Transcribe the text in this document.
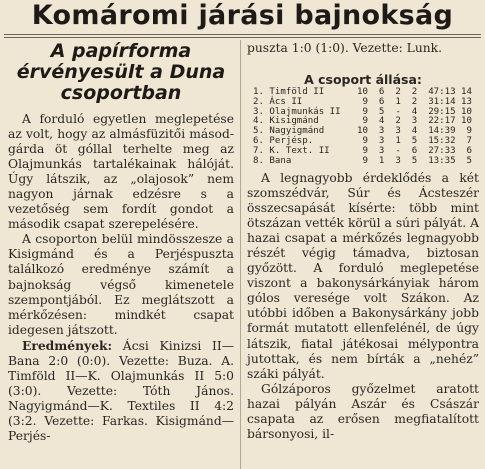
Komáromi járási bajnokság
A papírforma
érvényesült a Duna
csoportban

A forduló egyetlen meglepetése az volt, hogy az almásfüzitői másod-gárda öt góllal terhelte meg az Olajmunkás tartalékainak hálóját. Úgy látszik, az „olajosok” nem nagyon járnak edzésre s a vezetőség sem fordít gondot a második csapat szerepelésére.

A csoporton belül mindösszesze a Kisigmánd és a Perjéspuszta találkozó eredménye számít a bajnokság végső kimenetele szempontjából. Ez meglátszott a mérkőzésen: mindkét csapat idegesen játszott.

Eredmények: Ácsi Kinizsi II—Bana 2:0 (0:0). Vezette: Buza. A. Timföld II—K. Olajmunkás II 5:0 (3:0). Vezette: Tóth János. Nagyigmánd—K. Textiles II 4:2 (3:2. Vezette: Farkas. Kisigmánd—Perjés-

puszta 1:0 (1:0). Vezette: Lunk.
A csoport állása:
1. Timföld II      10  6  2  2  47:13 14
2. Ács II           9  6  1  2  31:14 13
3. Olajmunkás II    9  5  -  4  29:15 10
4. Kisigmánd        9  4  2  3  22:17 10
5. Nagyigmánd      10  3  3  4  14:39  9
6. Perjésp.         9  3  1  5  15:32  7
7. K. Text. II      9  3  -  6  27:33  6
8. Bana             9  1  3  5  13:35  5

A legnagyobb érdeklődés a két szomszédvár, Súr és Ácsteszér összecsapását kísérte: több mint ötszázan vették körül a súri pályát. A hazai csapat a mérkőzés legnagyobb részét végig támadva, biztosan győzött. A forduló meglepetése viszont a bakonysárkányiak három gólos veresége volt Szákon. Az utóbbi időben a Bakonysárkány jobb formát mutatott ellenfelénél, de úgy látszik, fiatal játékosai mélypontra jutottak, és nem bírták a „nehéz” száki pályát.

Gólzáporos győzelmet aratott hazai pályán Aszár és Császár csapata az erősen megfiatalított bársonyosi, il-
